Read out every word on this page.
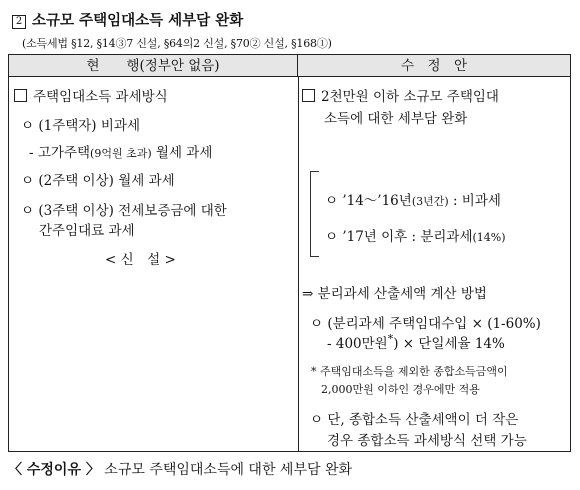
2 소규모 주택임대소득 세부담 완화
(소득세법 §12, §14③7 신설, §64의2 신설, §70② 신설, §168①)
현　　행(정부안 없음)	수　정　안
주택임대소득 과세방식
ㅇ (1주택자) 비과세
- 고가주택(9억원 초과) 월세 과세
ㅇ (2주택 이상) 월세 과세
ㅇ (3주택 이상) 전세보증금에 대한
간주임대료 과세
< 신　설 >
2천만원 이하 소규모 주택임대
소득에 대한 세부담 완화
ㅇ ’14～’16년(3년간) : 비과세
ㅇ ’17년 이후 : 분리과세(14%)
⇒ 분리과세 산출세액 계산 방법
ㅇ (분리과세 주택임대수입 × (1-60%)
- 400만원*) × 단일세율 14%
* 주택임대소득을 제외한 종합소득금액이
2,000만원 이하인 경우에만 적용
ㅇ 단, 종합소득 산출세액이 더 작은
경우 종합소득 과세방식 선택 가능
〈 수정이유 〉 소규모 주택임대소득에 대한 세부담 완화
